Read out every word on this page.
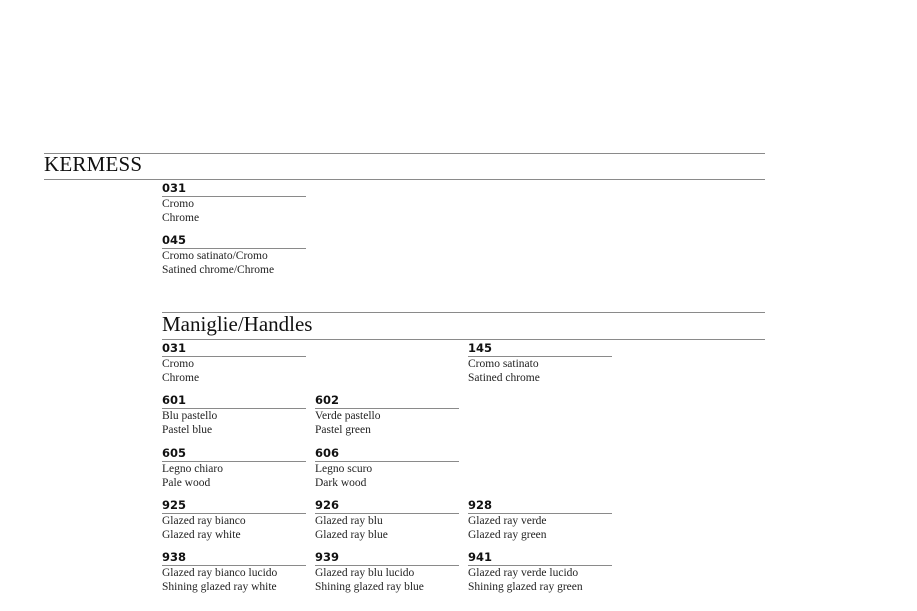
KERMESS
031
Cromo
Chrome
045
Cromo satinato/Cromo
Satined chrome/Chrome
Maniglie/Handles
031
Cromo
Chrome
145
Cromo satinato
Satined chrome
601
Blu pastello
Pastel blue
602
Verde pastello
Pastel green
605
Legno chiaro
Pale wood
606
Legno scuro
Dark wood
925
Glazed ray bianco
Glazed ray white
926
Glazed ray blu
Glazed ray blue
928
Glazed ray verde
Glazed ray green
938
Glazed ray bianco lucido
Shining glazed ray white
939
Glazed ray blu lucido
Shining glazed ray blue
941
Glazed ray verde lucido
Shining glazed ray green
